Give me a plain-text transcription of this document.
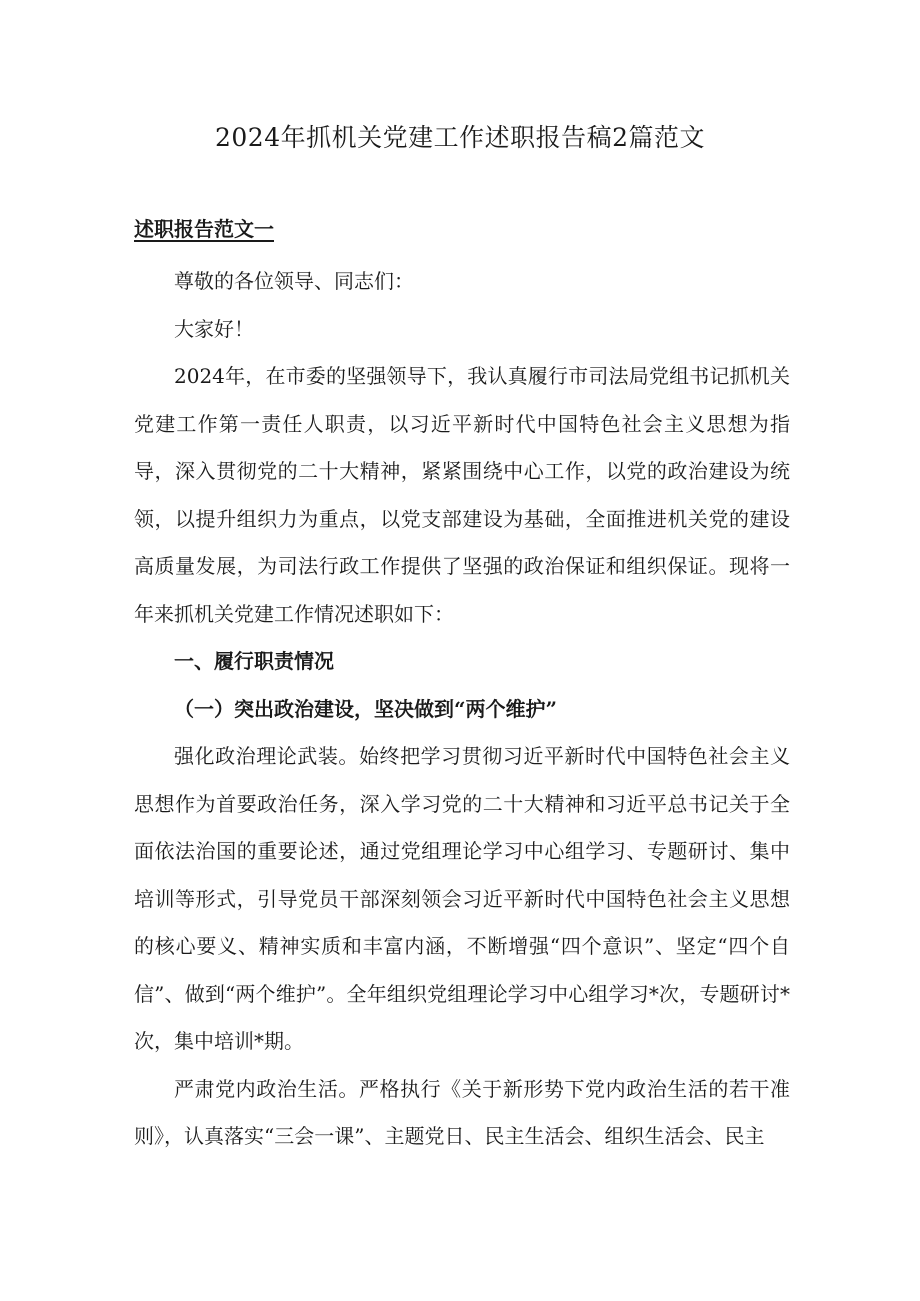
2024年抓机关党建工作述职报告稿2篇范文
述职报告范文一

尊敬的各位领导、同志们：

大家好！

2024年，在市委的坚强领导下，我认真履行市司法局党组书记抓机关党建工作第一责任人职责，以习近平新时代中国特色社会主义思想为指导，深入贯彻党的二十大精神，紧紧围绕中心工作，以党的政治建设为统领，以提升组织力为重点，以党支部建设为基础，全面推进机关党的建设高质量发展，为司法行政工作提供了坚强的政治保证和组织保证。现将一年来抓机关党建工作情况述职如下：

一、履行职责情况

（一）突出政治建设，坚决做到“两个维护”

强化政治理论武装。始终把学习贯彻习近平新时代中国特色社会主义思想作为首要政治任务，深入学习党的二十大精神和习近平总书记关于全面依法治国的重要论述，通过党组理论学习中心组学习、专题研讨、集中培训等形式，引导党员干部深刻领会习近平新时代中国特色社会主义思想的核心要义、精神实质和丰富内涵，不断增强“四个意识”、坚定“四个自信”、做到“两个维护”。全年组织党组理论学习中心组学习*次，专题研讨*次，集中培训*期。

严肃党内政治生活。严格执行《关于新形势下党内政治生活的若干准则》，认真落实“三会一课”、主题党日、民主生活会、组织生活会、民主
